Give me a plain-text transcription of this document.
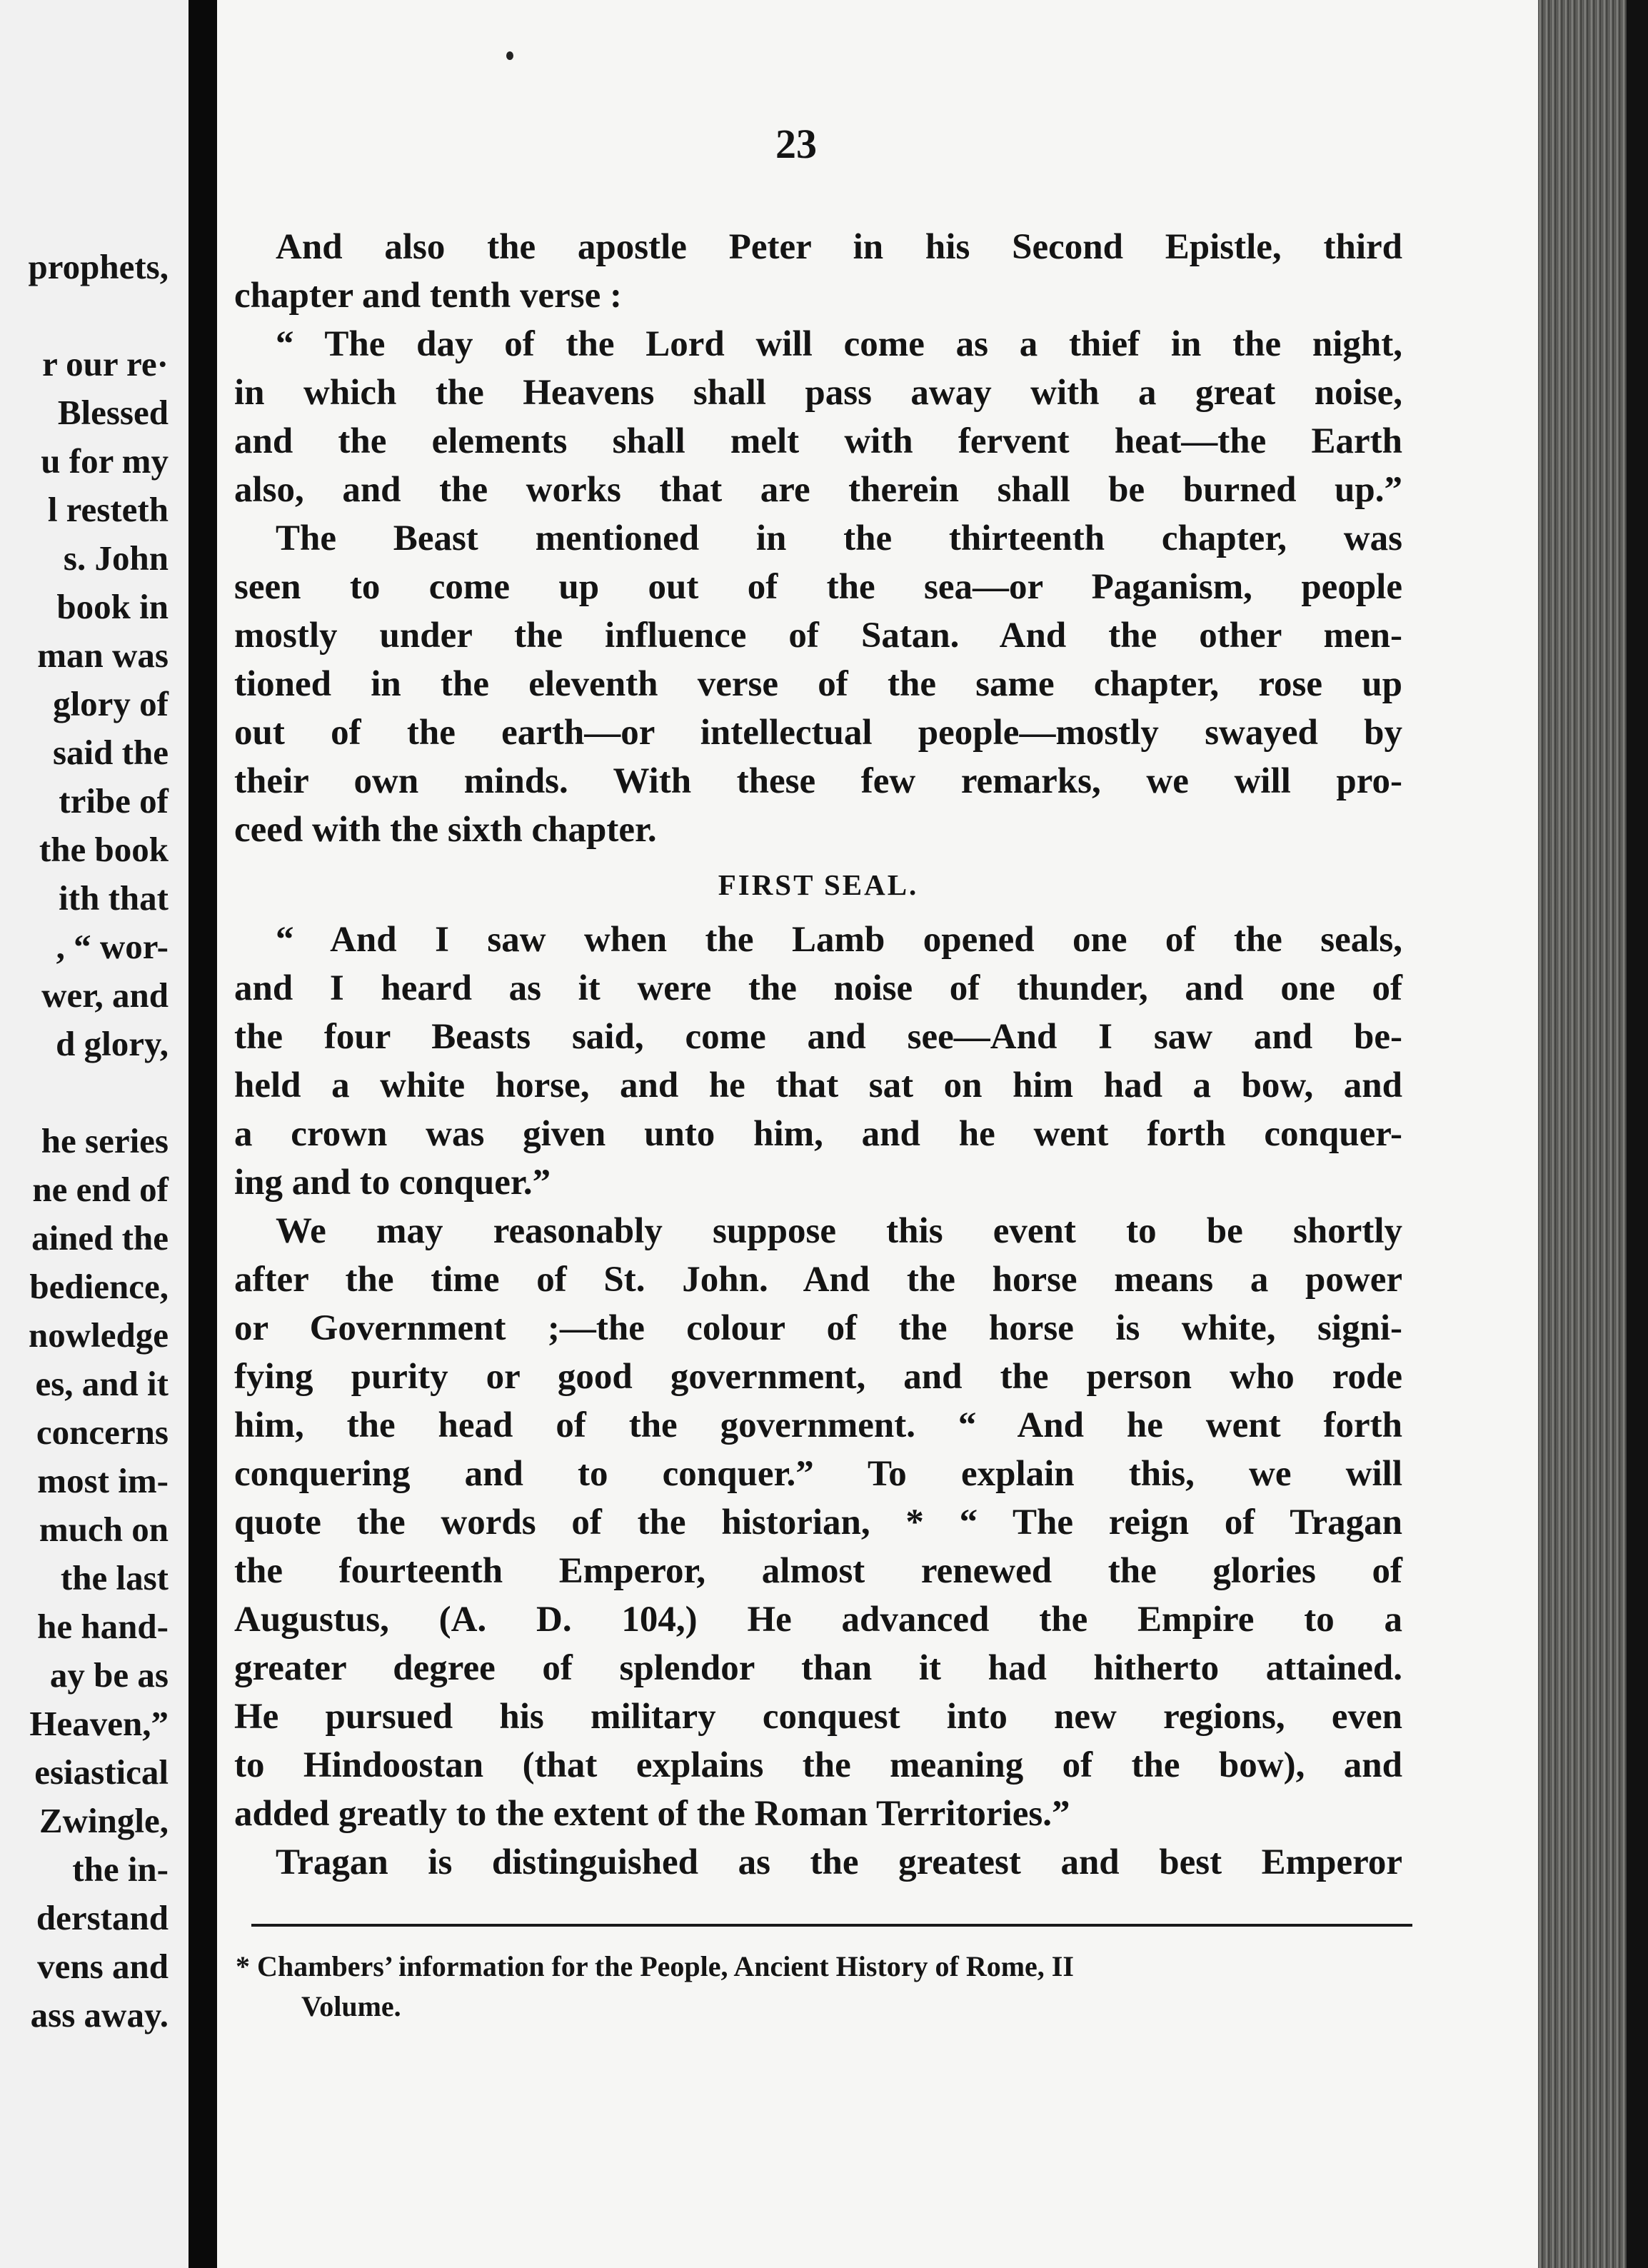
prophets,
r our re·
Blessed
u for my
l resteth
s. John
book in
man was
glory of
said the
tribe of
the book
ith that
, “ wor-
wer, and
d glory,
he series
ne end of
ained the
bedience,
nowledge
es, and it
concerns
most im-
much on
the last
he hand-
ay be as
Heaven,”
esiastical
Zwingle,
the in-
derstand
vens and
ass away.
23
And also the apostle Peter in his Second Epistle, third
chapter and tenth verse :
“ The day of the Lord will come as a thief in the night,
in which the Heavens shall pass away with a great noise,
and the elements shall melt with fervent heat—the Earth
also, and the works that are therein shall be burned up.”
The Beast mentioned in the thirteenth chapter, was
seen to come up out of the sea—or Paganism, people
mostly under the influence of Satan. And the other men-
tioned in the eleventh verse of the same chapter, rose up
out of the earth—or intellectual people—mostly swayed by
their own minds. With these few remarks, we will pro-
ceed with the sixth chapter.
FIRST SEAL.
“ And I saw when the Lamb opened one of the seals,
and I heard as it were the noise of thunder, and one of
the four Beasts said, come and see—And I saw and be-
held a white horse, and he that sat on him had a bow, and
a crown was given unto him, and he went forth conquer-
ing and to conquer.”
We may reasonably suppose this event to be shortly
after the time of St. John. And the horse means a power
or Government ;—the colour of the horse is white, signi-
fying purity or good government, and the person who rode
him, the head of the government. “ And he went forth
conquering and to conquer.” To explain this, we will
quote the words of the historian, * “ The reign of Tragan
the fourteenth Emperor, almost renewed the glories of
Augustus, (A. D. 104,) He advanced the Empire to a
greater degree of splendor than it had hitherto attained.
He pursued his military conquest into new regions, even
to Hindoostan (that explains the meaning of the bow), and
added greatly to the extent of the Roman Territories.”
Tragan is distinguished as the greatest and best Emperor
* Chambers’ information for the People, Ancient History of Rome, II
Volume.
